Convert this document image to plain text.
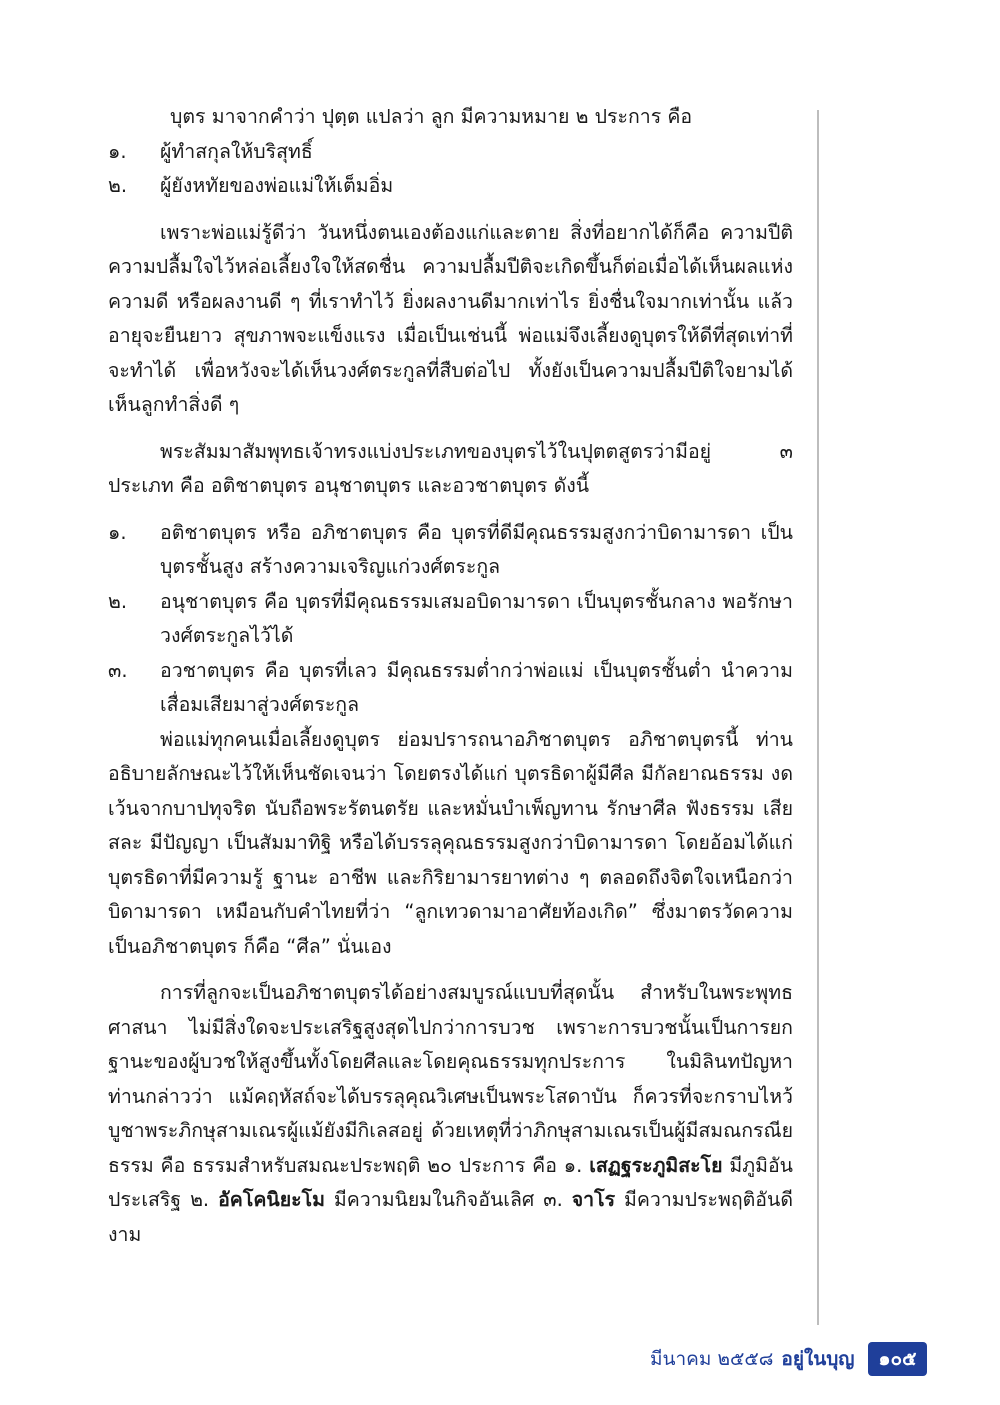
บุตร มาจากคำว่า ปุตฺต แปลว่า ลูก มีความหมาย ๒ ประการ คือ

๑.	ผู้ทำสกุลให้บริสุทธิ์
๒.	ผู้ยังหทัยของพ่อแม่ให้เต็มอิ่ม

เพราะพ่อแม่รู้ดีว่า วันหนึ่งตนเองต้องแก่และตาย สิ่งที่อยากได้ก็คือ ความปีติ ความปลื้มใจไว้หล่อเลี้ยงใจให้สดชื่น ความปลื้มปีติจะเกิดขึ้นก็ต่อเมื่อได้เห็นผลแห่งความดี หรือผลงานดี ๆ ที่เราทำไว้ ยิ่งผลงานดีมากเท่าไร ยิ่งชื่นใจมากเท่านั้น แล้วอายุจะยืนยาว สุขภาพจะแข็งแรง เมื่อเป็นเช่นนี้ พ่อแม่จึงเลี้ยงดูบุตรให้ดีที่สุดเท่าที่จะทำได้ เพื่อหวังจะได้เห็นวงศ์ตระกูลที่สืบต่อไป ทั้งยังเป็นความปลื้มปีติใจยามได้เห็นลูกทำสิ่งดี ๆ

พระสัมมาสัมพุทธเจ้าทรงแบ่งประเภทของบุตรไว้ในปุตตสูตรว่ามีอยู่ ๓ ประเภท คือ อติชาตบุตร อนุชาตบุตร และอวชาตบุตร ดังนี้

๑.	อติชาตบุตร หรือ อภิชาตบุตร คือ บุตรที่ดีมีคุณธรรมสูงกว่าบิดามารดา เป็นบุตรชั้นสูง สร้างความเจริญแก่วงศ์ตระกูล
๒.	อนุชาตบุตร คือ บุตรที่มีคุณธรรมเสมอบิดามารดา เป็นบุตรชั้นกลาง พอรักษาวงศ์ตระกูลไว้ได้
๓.	อวชาตบุตร คือ บุตรที่เลว มีคุณธรรมต่ำกว่าพ่อแม่ เป็นบุตรชั้นต่ำ นำความเสื่อมเสียมาสู่วงศ์ตระกูล

พ่อแม่ทุกคนเมื่อเลี้ยงดูบุตร ย่อมปรารถนาอภิชาตบุตร อภิชาตบุตรนี้ ท่านอธิบายลักษณะไว้ให้เห็นชัดเจนว่า โดยตรงได้แก่ บุตรธิดาผู้มีศีล มีกัลยาณธรรม งดเว้นจากบาปทุจริต นับถือพระรัตนตรัย และหมั่นบำเพ็ญทาน รักษาศีล ฟังธรรม เสียสละ มีปัญญา เป็นสัมมาทิฐิ หรือได้บรรลุคุณธรรมสูงกว่าบิดามารดา โดยอ้อมได้แก่ บุตรธิดาที่มีความรู้ ฐานะ อาชีพ และกิริยามารยาทต่าง ๆ ตลอดถึงจิตใจเหนือกว่าบิดามารดา เหมือนกับคำไทยที่ว่า “ลูกเทวดามาอาศัยท้องเกิด” ซึ่งมาตรวัดความเป็นอภิชาตบุตร ก็คือ “ศีล” นั่นเอง

การที่ลูกจะเป็นอภิชาตบุตรได้อย่างสมบูรณ์แบบที่สุดนั้น สำหรับในพระพุทธศาสนา ไม่มีสิ่งใดจะประเสริฐสูงสุดไปกว่าการบวช เพราะการบวชนั้นเป็นการยกฐานะของผู้บวชให้สูงขึ้นทั้งโดยศีลและโดยคุณธรรมทุกประการ ในมิลินทปัญหาท่านกล่าวว่า แม้คฤหัสถ์จะได้บรรลุคุณวิเศษเป็นพระโสดาบัน ก็ควรที่จะกราบไหว้บูชาพระภิกษุสามเณรผู้แม้ยังมีกิเลสอยู่ ด้วยเหตุที่ว่าภิกษุสามเณรเป็นผู้มีสมณกรณียธรรม คือ ธรรมสำหรับสมณะประพฤติ ๒๐ ประการ คือ ๑. เสฏฐระภูมิสะโย มีภูมิอันประเสริฐ ๒. อัคโคนิยะโม มีความนิยมในกิจอันเลิศ ๓. จาโร มีความประพฤติอันดีงาม

มีนาคม ๒๕๕๘ อยู่ในบุญ	๑๐๕
